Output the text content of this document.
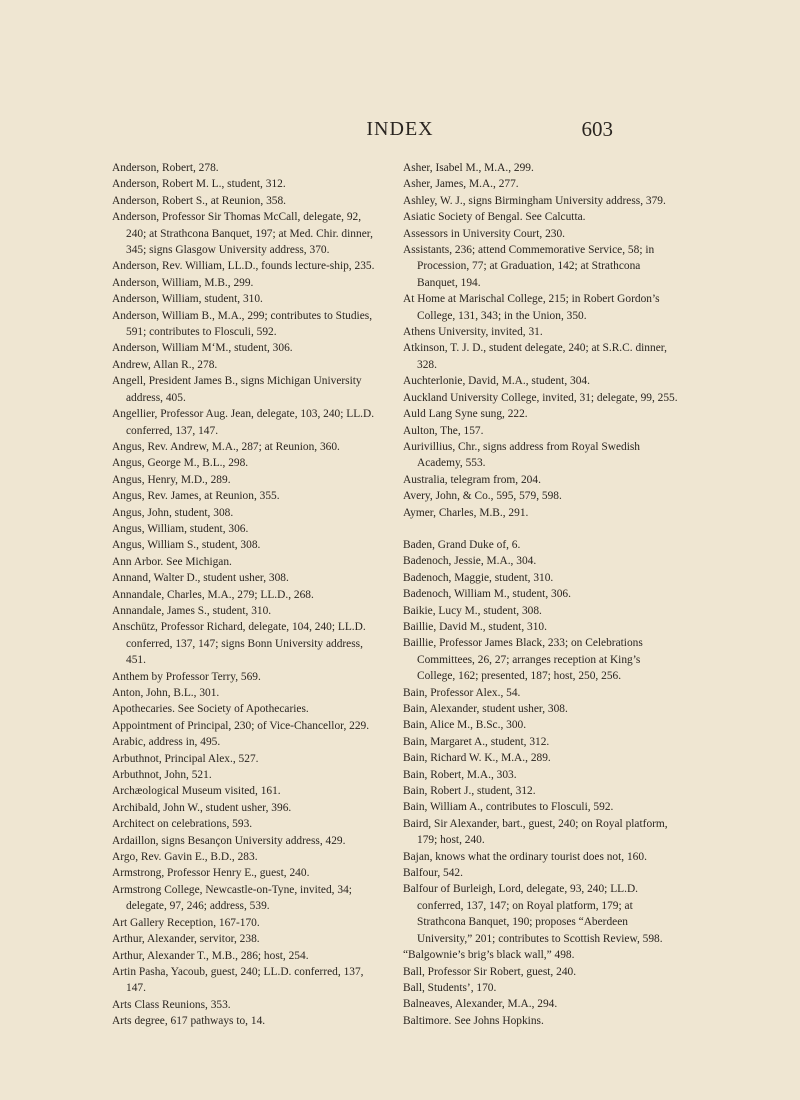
INDEX	603

Anderson, Robert, 278.

Anderson, Robert M. L., student, 312.

Anderson, Robert S., at Reunion, 358.

Anderson, Professor Sir Thomas McCall, delegate, 92, 240; at Strathcona Banquet, 197; at Med. Chir. dinner, 345; signs Glasgow University address, 370.

Anderson, Rev. William, LL.D., founds lecture-ship, 235.

Anderson, William, M.B., 299.

Anderson, William, student, 310.

Anderson, William B., M.A., 299; contributes to Studies, 591; contributes to Flosculi, 592.

Anderson, William M‘M., student, 306.

Andrew, Allan R., 278.

Angell, President James B., signs Michigan University address, 405.

Angellier, Professor Aug. Jean, delegate, 103, 240; LL.D. conferred, 137, 147.

Angus, Rev. Andrew, M.A., 287; at Reunion, 360.

Angus, George M., B.L., 298.

Angus, Henry, M.D., 289.

Angus, Rev. James, at Reunion, 355.

Angus, John, student, 308.

Angus, William, student, 306.

Angus, William S., student, 308.

Ann Arbor. See Michigan.

Annand, Walter D., student usher, 308.

Annandale, Charles, M.A., 279; LL.D., 268.

Annandale, James S., student, 310.

Anschütz, Professor Richard, delegate, 104, 240; LL.D. conferred, 137, 147; signs Bonn University address, 451.

Anthem by Professor Terry, 569.

Anton, John, B.L., 301.

Apothecaries. See Society of Apothecaries.

Appointment of Principal, 230; of Vice-Chancellor, 229.

Arabic, address in, 495.

Arbuthnot, Principal Alex., 527.

Arbuthnot, John, 521.

Archæological Museum visited, 161.

Archibald, John W., student usher, 396.

Architect on celebrations, 593.

Ardaillon, signs Besançon University address, 429.

Argo, Rev. Gavin E., B.D., 283.

Armstrong, Professor Henry E., guest, 240.

Armstrong College, Newcastle-on-Tyne, invited, 34; delegate, 97, 246; address, 539.

Art Gallery Reception, 167-170.

Arthur, Alexander, servitor, 238.

Arthur, Alexander T., M.B., 286; host, 254.

Artin Pasha, Yacoub, guest, 240; LL.D. conferred, 137, 147.

Arts Class Reunions, 353.

Arts degree, 617 pathways to, 14.

Asher, Isabel M., M.A., 299.

Asher, James, M.A., 277.

Ashley, W. J., signs Birmingham University address, 379.

Asiatic Society of Bengal. See Calcutta.

Assessors in University Court, 230.

Assistants, 236; attend Commemorative Service, 58; in Procession, 77; at Graduation, 142; at Strathcona Banquet, 194.

At Home at Marischal College, 215; in Robert Gordon’s College, 131, 343; in the Union, 350.

Athens University, invited, 31.

Atkinson, T. J. D., student delegate, 240; at S.R.C. dinner, 328.

Auchterlonie, David, M.A., student, 304.

Auckland University College, invited, 31; delegate, 99, 255.

Auld Lang Syne sung, 222.

Aulton, The, 157.

Aurivillius, Chr., signs address from Royal Swedish Academy, 553.

Australia, telegram from, 204.

Avery, John, & Co., 595, 579, 598.

Aymer, Charles, M.B., 291.

Baden, Grand Duke of, 6.

Badenoch, Jessie, M.A., 304.

Badenoch, Maggie, student, 310.

Badenoch, William M., student, 306.

Baikie, Lucy M., student, 308.

Baillie, David M., student, 310.

Baillie, Professor James Black, 233; on Celebrations Committees, 26, 27; arranges reception at King’s College, 162; presented, 187; host, 250, 256.

Bain, Professor Alex., 54.

Bain, Alexander, student usher, 308.

Bain, Alice M., B.Sc., 300.

Bain, Margaret A., student, 312.

Bain, Richard W. K., M.A., 289.

Bain, Robert, M.A., 303.

Bain, Robert J., student, 312.

Bain, William A., contributes to Flosculi, 592.

Baird, Sir Alexander, bart., guest, 240; on Royal platform, 179; host, 240.

Bajan, knows what the ordinary tourist does not, 160.

Balfour, 542.

Balfour of Burleigh, Lord, delegate, 93, 240; LL.D. conferred, 137, 147; on Royal platform, 179; at Strathcona Banquet, 190; proposes “Aberdeen University,” 201; contributes to Scottish Review, 598.

“Balgownie’s brig’s black wall,” 498.

Ball, Professor Sir Robert, guest, 240.

Ball, Students’, 170.

Balneaves, Alexander, M.A., 294.

Baltimore. See Johns Hopkins.
